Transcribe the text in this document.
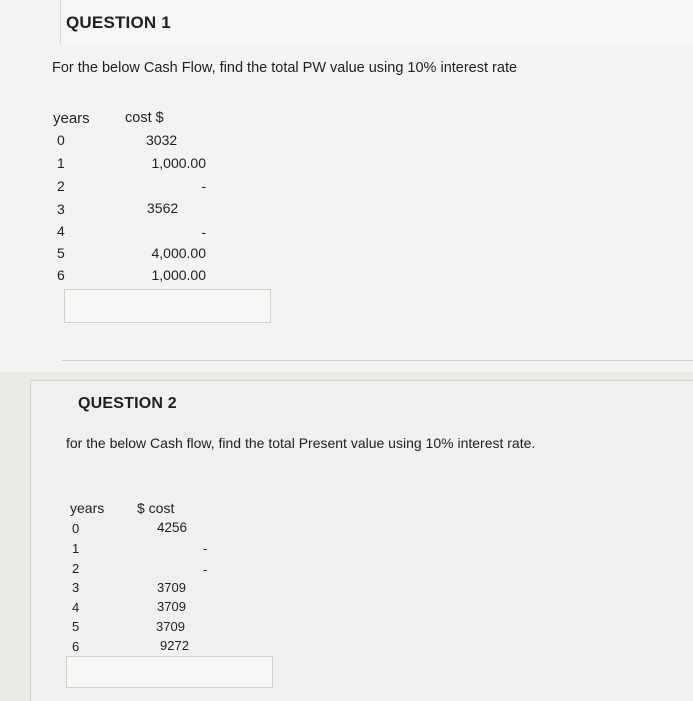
QUESTION 1
For the below Cash Flow, find the total PW value using 10% interest rate
years cost $
0
1
2
3
4
5
6
3032
1,000.00
-
3562
-
4,000.00
1,000.00
QUESTION 2
for the below Cash flow, find the total Present value using 10% interest rate.
years $ cost
0
1
2
3
4
5
6
4256
-
-
3709
3709
3709
9272
